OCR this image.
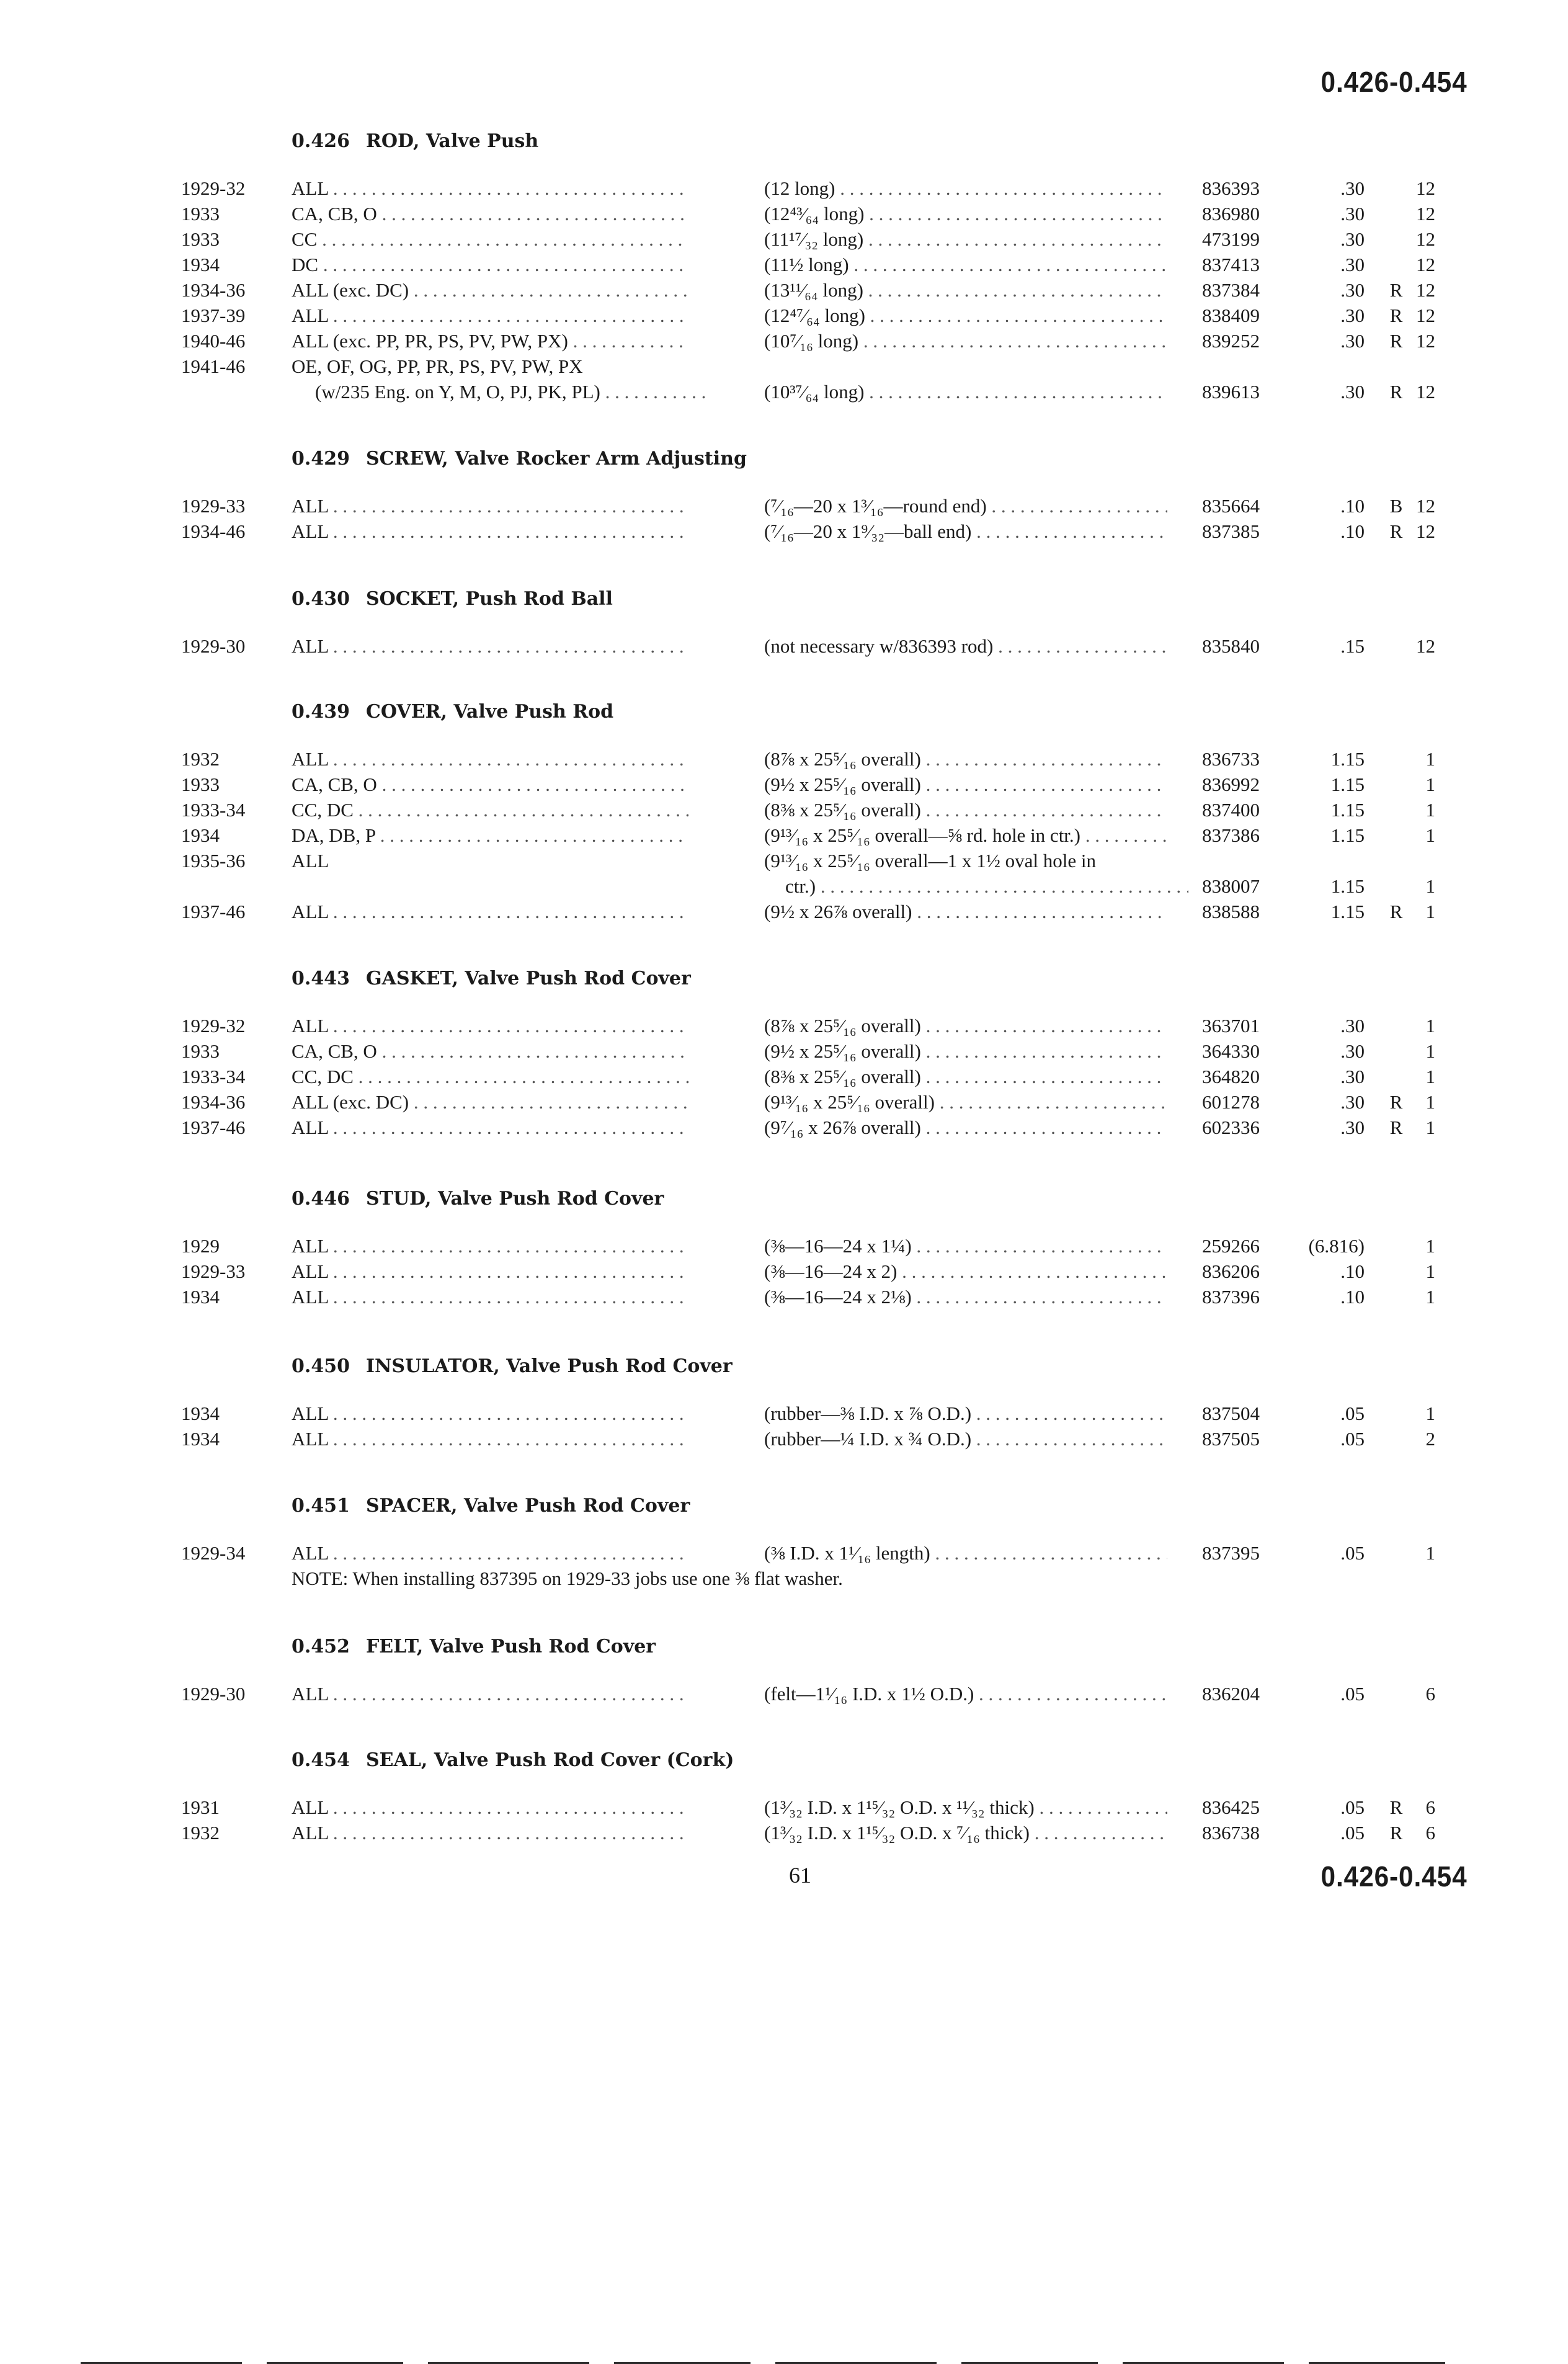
0.426-0.454
0.426 ROD, Valve Push
1929-32 ALL . . .	(12 long) . . .	836393	.30	12
1933	CA, CB, O . . .	(12⁴³⁄₆₄ long) . . .	836980	.30	12
1933	CC . . .	(11¹⁷⁄₃₂ long) . . .	473199	.30	12
1934	DC . . .	(11½ long) . . .	837413	.30	12
1934-36 ALL (exc. DC) . . .	(13¹¹⁄₆₄ long) . . .	837384	.30 R 12
1937-39 ALL . . .	(12⁴⁷⁄₆₄ long) . . .	838409	.30 R 12
1940-46 ALL (exc. PP, PR, PS, PV, PW, PX) . . .	(10⁷⁄₁₆ long) . . .	839252	.30 R 12
1941-46 OE, OF, OG, PP, PR, PS, PV, PW, PX
(w/235 Eng. on Y, M, O, PJ, PK, PL) . . .	(10³⁷⁄₆₄ long) . . .	839613	.30 R 12
0.429 SCREW, Valve Rocker Arm Adjusting
1929-33 ALL . . .	(⁷⁄₁₆—20 x 1³⁄₁₆—round end) . . .	835664	.10 B 12
1934-46 ALL . . .	(⁷⁄₁₆—20 x 1⁹⁄₃₂—ball end) . . .	837385	.10 R 12
0.430 SOCKET, Push Rod Ball
1929-30 ALL . . .	(not necessary w/836393 rod) . . .	835840	.15	12
0.439 COVER, Valve Push Rod
1932	ALL . . .	(8⅞ x 25⁵⁄₁₆ overall) . . .	836733	1.15	1
1933	CA, CB, O . . .	(9½ x 25⁵⁄₁₆ overall) . . .	836992	1.15	1
1933-34 CC, DC . . .	(8⅜ x 25⁵⁄₁₆ overall) . . .	837400	1.15	1
1934	DA, DB, P . . .	(9¹³⁄₁₆ x 25⁵⁄₁₆ overall—⅝ rd. hole in ctr.) . . .	837386	1.15	1
1935-36 ALL	(9¹³⁄₁₆ x 25⁵⁄₁₆ overall—1 x 1½ oval hole in
ctr.) . . .	838007	1.15	1
1937-46 ALL . . .	(9½ x 26⅞ overall) . . .	838588	1.15 R	1
0.443 GASKET, Valve Push Rod Cover
1929-32 ALL . . .	(8⅞ x 25⁵⁄₁₆ overall) . . .	363701	.30	1
1933	CA, CB, O . . .	(9½ x 25⁵⁄₁₆ overall) . . .	364330	.30	1
1933-34 CC, DC . . .	(8⅜ x 25⁵⁄₁₆ overall) . . .	364820	.30	1
1934-36 ALL (exc. DC) . . .	(9¹³⁄₁₆ x 25⁵⁄₁₆ overall) . . .	601278	.30 R	1
1937-46 ALL . . .	(9⁷⁄₁₆ x 26⅞ overall) . . .	602336	.30 R	1
0.446 STUD, Valve Push Rod Cover
1929	ALL . . .	(⅜—16—24 x 1¼) . . .	259266	(6.816)	1
1929-33 ALL . . .	(⅜—16—24 x 2) . . .	836206	.10	1
1934	ALL . . .	(⅜—16—24 x 2⅛) . . .	837396	.10	1
0.450 INSULATOR, Valve Push Rod Cover
1934	ALL . . .	(rubber—⅜ I.D. x ⅞ O.D.) . . .	837504	.05	1
1934	ALL . . .	(rubber—¼ I.D. x ¾ O.D.) . . .	837505	.05	2
0.451 SPACER, Valve Push Rod Cover
1929-34 ALL . . .	(⅜ I.D. x 1¹⁄₁₆ length) . . .	837395	.05	1
NOTE: When installing 837395 on 1929-33 jobs use one ⅜ flat washer.
0.452 FELT, Valve Push Rod Cover
1929-30 ALL . . .	(felt—1¹⁄₁₆ I.D. x 1½ O.D.) . . .	836204	.05	6
0.454 SEAL, Valve Push Rod Cover (Cork)
1931	ALL . . .	(1³⁄₃₂ I.D. x 1¹⁵⁄₃₂ O.D. x ¹¹⁄₃₂ thick) . . .	836425	.05 R	6
1932	ALL . . .	(1³⁄₃₂ I.D. x 1¹⁵⁄₃₂ O.D. x ⁷⁄₁₆ thick) . . .	836738	.05 R	6
61	0.426-0.454
